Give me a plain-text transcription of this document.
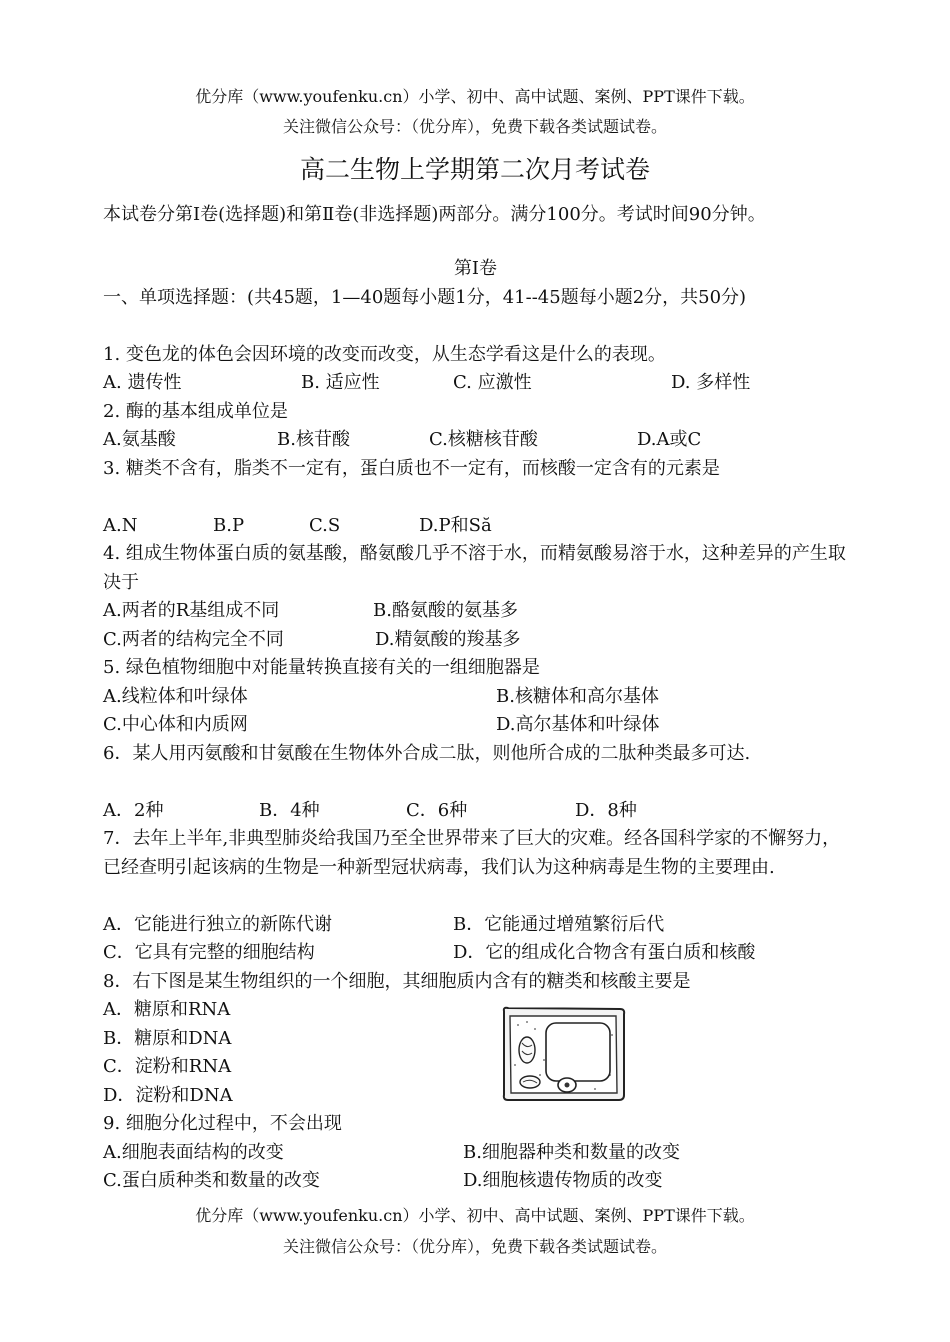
优分库（www.youfenku.cn）小学、初中、高中试题、案例、PPT课件下载。
关注微信公众号：（优分库），免费下载各类试题试卷。
高二生物上学期第二次月考试卷
本试卷分第Ⅰ卷(选择题)和第Ⅱ卷(非选择题)两部分。满分100分。考试时间90分钟。
第Ⅰ卷
一、单项选择题：(共45题，1—40题每小题1分，41--45题每小题2分，共50分)
1. 变色龙的体色会因环境的改变而改变，从生态学看这是什么的表现。
A. 遗传性	B. 适应性	C. 应激性	D. 多样性
2. 酶的基本组成单位是
A.氨基酸	B.核苷酸	C.核糖核苷酸	D.A或C
3. 糖类不含有，脂类不一定有，蛋白质也不一定有，而核酸一定含有的元素是
A.N	B.P	C.S	D.P和Să
4. 组成生物体蛋白质的氨基酸，酪氨酸几乎不溶于水，而精氨酸易溶于水，这种差异的产生取决于
A.两者的R基组成不同	B.酪氨酸的氨基多
C.两者的结构完全不同	D.精氨酸的羧基多
5. 绿色植物细胞中对能量转换直接有关的一组细胞器是
A.线粒体和叶绿体	B.核糖体和高尔基体
C.中心体和内质网	D.高尔基体和叶绿体
6．某人用丙氨酸和甘氨酸在生物体外合成二肽，则他所合成的二肽种类最多可达.
A．2种	B．4种	C．6种	D．8种
7．去年上半年,非典型肺炎给我国乃至全世界带来了巨大的灾难。经各国科学家的不懈努力，已经查明引起该病的生物是一种新型冠状病毒，我们认为这种病毒是生物的主要理由.
A．它能进行独立的新陈代谢	B．它能通过增殖繁衍后代
C．它具有完整的细胞结构	D．它的组成化合物含有蛋白质和核酸
8．右下图是某生物组织的一个细胞，其细胞质内含有的糖类和核酸主要是
A．糖原和RNA
B．糖原和DNA
C．淀粉和RNA
D．淀粉和DNA
9. 细胞分化过程中，不会出现
A.细胞表面结构的改变	B.细胞器种类和数量的改变
C.蛋白质种类和数量的改变	D.细胞核遗传物质的改变
优分库（www.youfenku.cn）小学、初中、高中试题、案例、PPT课件下载。
关注微信公众号：（优分库），免费下载各类试题试卷。
